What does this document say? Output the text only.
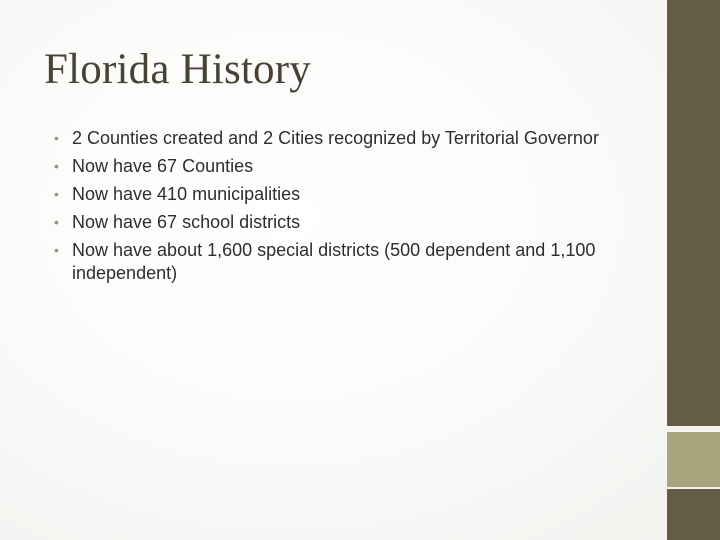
Florida History
• 2 Counties created and 2 Cities recognized by Territorial Governor
• Now have 67 Counties
• Now have 410 municipalities
• Now have 67 school districts
• Now have about 1,600 special districts (500 dependent and 1,100 independent)
